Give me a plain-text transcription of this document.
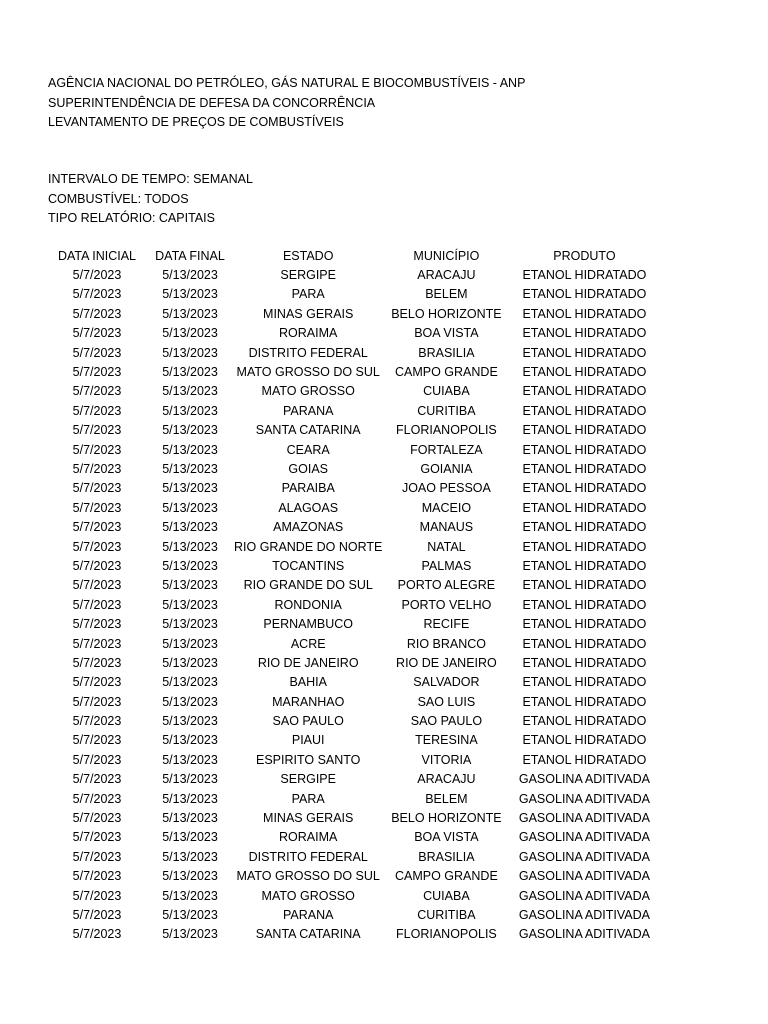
AGÊNCIA NACIONAL DO PETRÓLEO, GÁS NATURAL E BIOCOMBUSTÍVEIS - ANP
SUPERINTENDÊNCIA DE DEFESA DA CONCORRÊNCIA
LEVANTAMENTO DE PREÇOS DE COMBUSTÍVEIS
INTERVALO DE TEMPO: SEMANAL
COMBUSTÍVEL: TODOS
TIPO RELATÓRIO: CAPITAIS
DATA INICIAL	DATA FINAL	ESTADO	MUNICÍPIO	PRODUTO
5/7/2023	5/13/2023	SERGIPE	ARACAJU	ETANOL HIDRATADO
5/7/2023	5/13/2023	PARA	BELEM	ETANOL HIDRATADO
5/7/2023	5/13/2023	MINAS GERAIS	BELO HORIZONTE	ETANOL HIDRATADO
5/7/2023	5/13/2023	RORAIMA	BOA VISTA	ETANOL HIDRATADO
5/7/2023	5/13/2023	DISTRITO FEDERAL	BRASILIA	ETANOL HIDRATADO
5/7/2023	5/13/2023	MATO GROSSO DO SUL	CAMPO GRANDE	ETANOL HIDRATADO
5/7/2023	5/13/2023	MATO GROSSO	CUIABA	ETANOL HIDRATADO
5/7/2023	5/13/2023	PARANA	CURITIBA	ETANOL HIDRATADO
5/7/2023	5/13/2023	SANTA CATARINA	FLORIANOPOLIS	ETANOL HIDRATADO
5/7/2023	5/13/2023	CEARA	FORTALEZA	ETANOL HIDRATADO
5/7/2023	5/13/2023	GOIAS	GOIANIA	ETANOL HIDRATADO
5/7/2023	5/13/2023	PARAIBA	JOAO PESSOA	ETANOL HIDRATADO
5/7/2023	5/13/2023	ALAGOAS	MACEIO	ETANOL HIDRATADO
5/7/2023	5/13/2023	AMAZONAS	MANAUS	ETANOL HIDRATADO
5/7/2023	5/13/2023	RIO GRANDE DO NORTE	NATAL	ETANOL HIDRATADO
5/7/2023	5/13/2023	TOCANTINS	PALMAS	ETANOL HIDRATADO
5/7/2023	5/13/2023	RIO GRANDE DO SUL	PORTO ALEGRE	ETANOL HIDRATADO
5/7/2023	5/13/2023	RONDONIA	PORTO VELHO	ETANOL HIDRATADO
5/7/2023	5/13/2023	PERNAMBUCO	RECIFE	ETANOL HIDRATADO
5/7/2023	5/13/2023	ACRE	RIO BRANCO	ETANOL HIDRATADO
5/7/2023	5/13/2023	RIO DE JANEIRO	RIO DE JANEIRO	ETANOL HIDRATADO
5/7/2023	5/13/2023	BAHIA	SALVADOR	ETANOL HIDRATADO
5/7/2023	5/13/2023	MARANHAO	SAO LUIS	ETANOL HIDRATADO
5/7/2023	5/13/2023	SAO PAULO	SAO PAULO	ETANOL HIDRATADO
5/7/2023	5/13/2023	PIAUI	TERESINA	ETANOL HIDRATADO
5/7/2023	5/13/2023	ESPIRITO SANTO	VITORIA	ETANOL HIDRATADO
5/7/2023	5/13/2023	SERGIPE	ARACAJU	GASOLINA ADITIVADA
5/7/2023	5/13/2023	PARA	BELEM	GASOLINA ADITIVADA
5/7/2023	5/13/2023	MINAS GERAIS	BELO HORIZONTE	GASOLINA ADITIVADA
5/7/2023	5/13/2023	RORAIMA	BOA VISTA	GASOLINA ADITIVADA
5/7/2023	5/13/2023	DISTRITO FEDERAL	BRASILIA	GASOLINA ADITIVADA
5/7/2023	5/13/2023	MATO GROSSO DO SUL	CAMPO GRANDE	GASOLINA ADITIVADA
5/7/2023	5/13/2023	MATO GROSSO	CUIABA	GASOLINA ADITIVADA
5/7/2023	5/13/2023	PARANA	CURITIBA	GASOLINA ADITIVADA
5/7/2023	5/13/2023	SANTA CATARINA	FLORIANOPOLIS	GASOLINA ADITIVADA
